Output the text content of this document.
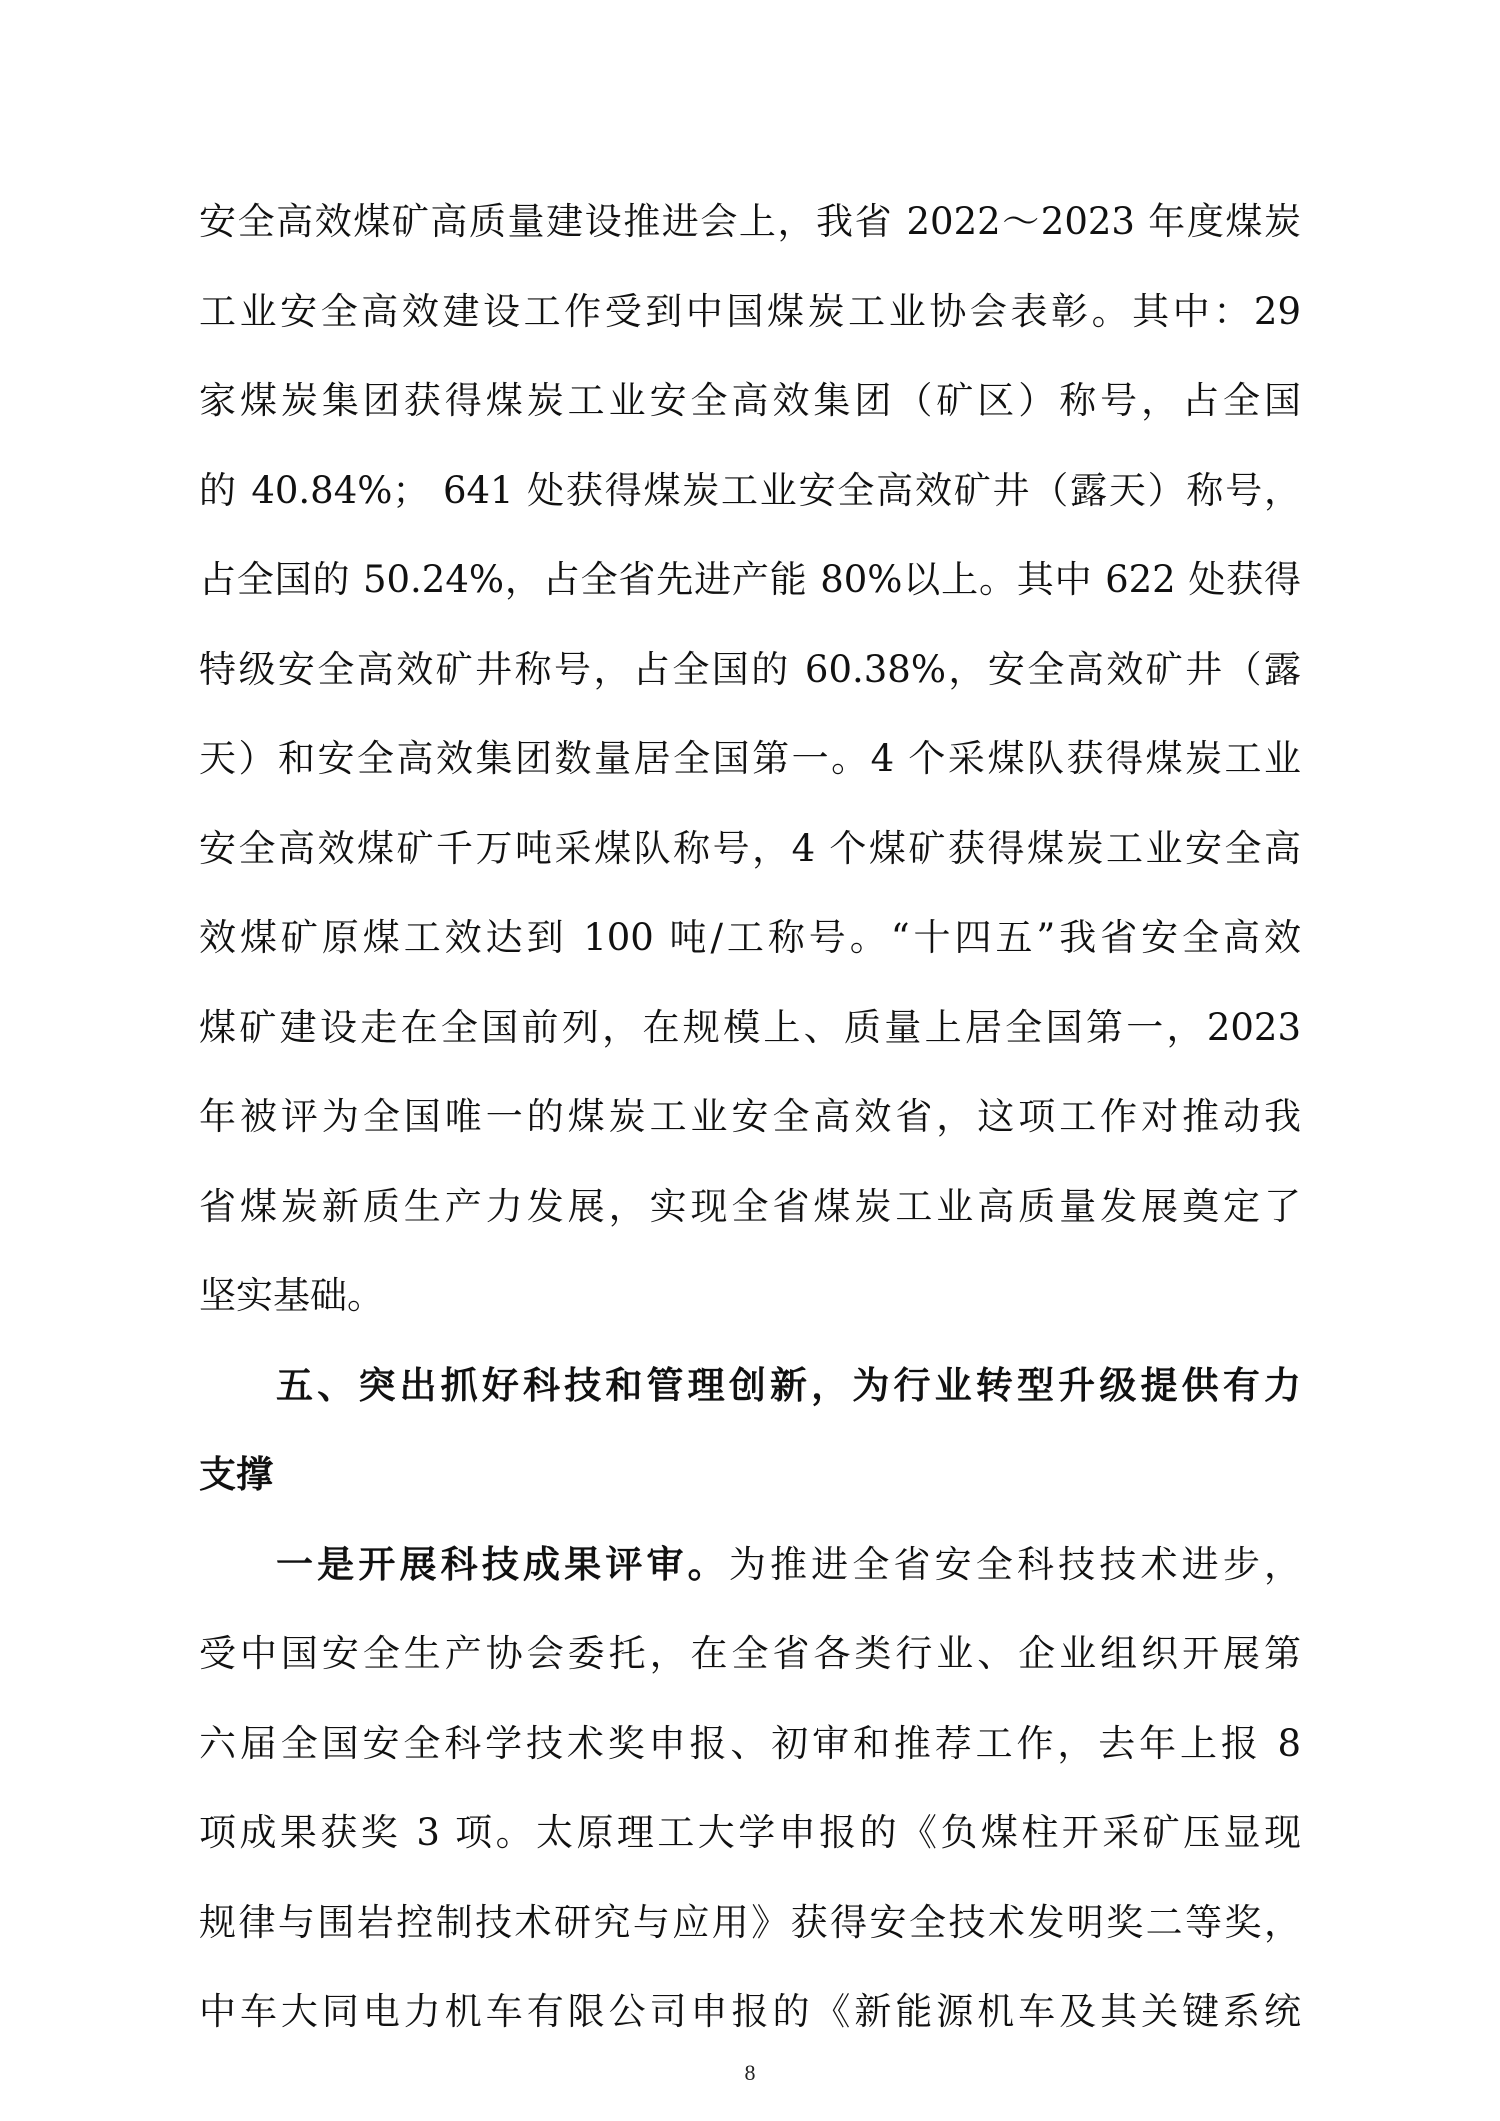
安全高效煤矿高质量建设推进会上，我省 2022～2023 年度煤炭
工业安全高效建设工作受到中国煤炭工业协会表彰。其中：29
家煤炭集团获得煤炭工业安全高效集团（矿区）称号，占全国
的 40.84%； 641 处获得煤炭工业安全高效矿井（露天）称号，
占全国的 50.24%，占全省先进产能 80%以上。其中 622 处获得
特级安全高效矿井称号，占全国的 60.38%，安全高效矿井（露
天）和安全高效集团数量居全国第一。4 个采煤队获得煤炭工业
安全高效煤矿千万吨采煤队称号，4 个煤矿获得煤炭工业安全高
效煤矿原煤工效达到 100 吨/工称号。“十四五”我省安全高效
煤矿建设走在全国前列，在规模上、质量上居全国第一，2023
年被评为全国唯一的煤炭工业安全高效省，这项工作对推动我
省煤炭新质生产力发展，实现全省煤炭工业高质量发展奠定了
坚实基础。
五、突出抓好科技和管理创新，为行业转型升级提供有力
支撑
一是开展科技成果评审。为推进全省安全科技技术进步，
受中国安全生产协会委托，在全省各类行业、企业组织开展第
六届全国安全科学技术奖申报、初审和推荐工作，去年上报 8
项成果获奖 3 项。太原理工大学申报的《负煤柱开采矿压显现
规律与围岩控制技术研究与应用》获得安全技术发明奖二等奖，
中车大同电力机车有限公司申报的《新能源机车及其关键系统
8
